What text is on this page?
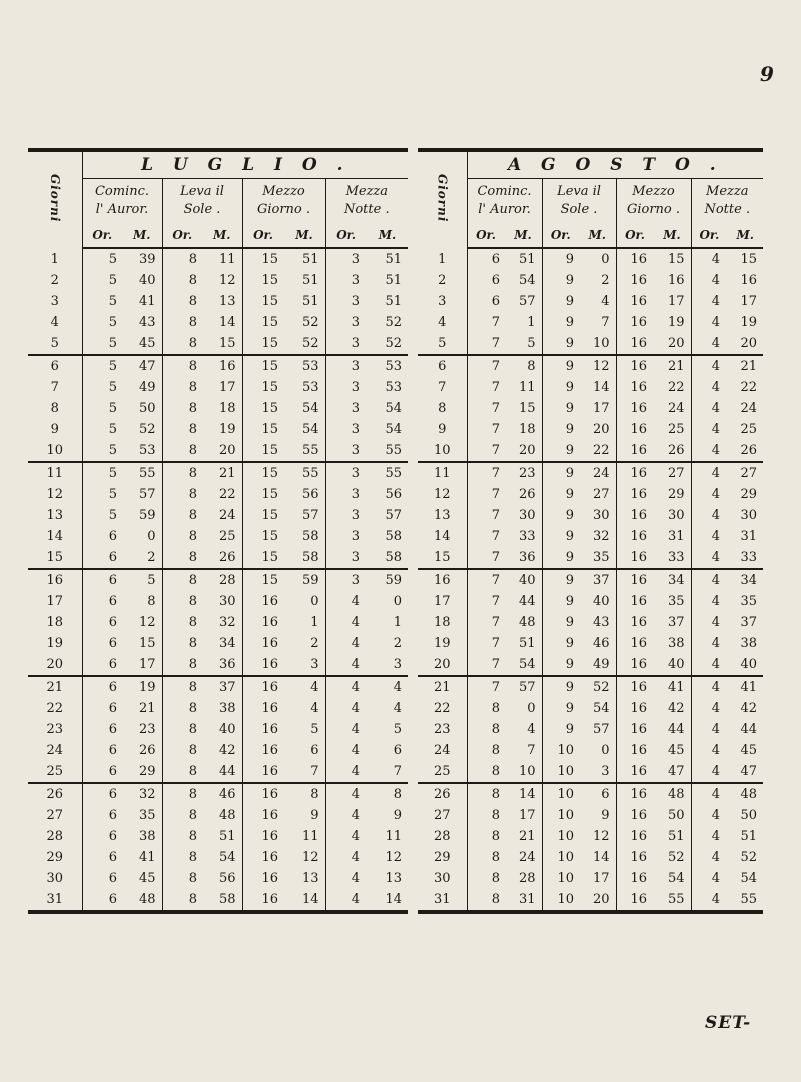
9
Giorni	L U G L I O .							
	Cominc.
l' Auror.		Leva il
Sole .		Mezzo
Giorno .		Mezza
Notte .	
	Or. M.		Or. M.		Or. M.		Or. M.	
1	5	39	8	11	15	51	3	51
2	5	40	8	12	15	51	3	51
3	5	41	8	13	15	51	3	51
4	5	43	8	14	15	52	3	52
5	5	45	8	15	15	52	3	52
6	5	47	8	16	15	53	3	53
7	5	49	8	17	15	53	3	53
8	5	50	8	18	15	54	3	54
9	5	52	8	19	15	54	3	54
10	5	53	8	20	15	55	3	55
11	5	55	8	21	15	55	3	55
12	5	57	8	22	15	56	3	56
13	5	59	8	24	15	57	3	57
14	6	0	8	25	15	58	3	58
15	6	2	8	26	15	58	3	58
16	6	5	8	28	15	59	3	59
17	6	8	8	30	16	0	4	0
18	6	12	8	32	16	1	4	1
19	6	15	8	34	16	2	4	2
20	6	17	8	36	16	3	4	3
21	6	19	8	37	16	4	4	4
22	6	21	8	38	16	4	4	4
23	6	23	8	40	16	5	4	5
24	6	26	8	42	16	6	4	6
25	6	29	8	44	16	7	4	7
26	6	32	8	46	16	8	4	8
27	6	35	8	48	16	9	4	9
28	6	38	8	51	16	11	4	11
29	6	41	8	54	16	12	4	12
30	6	45	8	56	16	13	4	13
31	6	48	8	58	16	14	4	14
Giorni	A G O S T O .							
	Cominc.
l' Auror.		Leva il
Sole .		Mezzo
Giorno .		Mezza
Notte .	
	Or. M.		Or. M.		Or. M.		Or. M.	
1	6	51	9	0	16	15	4	15
2	6	54	9	2	16	16	4	16
3	6	57	9	4	16	17	4	17
4	7	1	9	7	16	19	4	19
5	7	5	9	10	16	20	4	20
6	7	8	9	12	16	21	4	21
7	7	11	9	14	16	22	4	22
8	7	15	9	17	16	24	4	24
9	7	18	9	20	16	25	4	25
10	7	20	9	22	16	26	4	26
11	7	23	9	24	16	27	4	27
12	7	26	9	27	16	29	4	29
13	7	30	9	30	16	30	4	30
14	7	33	9	32	16	31	4	31
15	7	36	9	35	16	33	4	33
16	7	40	9	37	16	34	4	34
17	7	44	9	40	16	35	4	35
18	7	48	9	43	16	37	4	37
19	7	51	9	46	16	38	4	38
20	7	54	9	49	16	40	4	40
21	7	57	9	52	16	41	4	41
22	8	0	9	54	16	42	4	42
23	8	4	9	57	16	44	4	44
24	8	7	10	0	16	45	4	45
25	8	10	10	3	16	47	4	47
26	8	14	10	6	16	48	4	48
27	8	17	10	9	16	50	4	50
28	8	21	10	12	16	51	4	51
29	8	24	10	14	16	52	4	52
30	8	28	10	17	16	54	4	54
31	8	31	10	20	16	55	4	55
SET-
